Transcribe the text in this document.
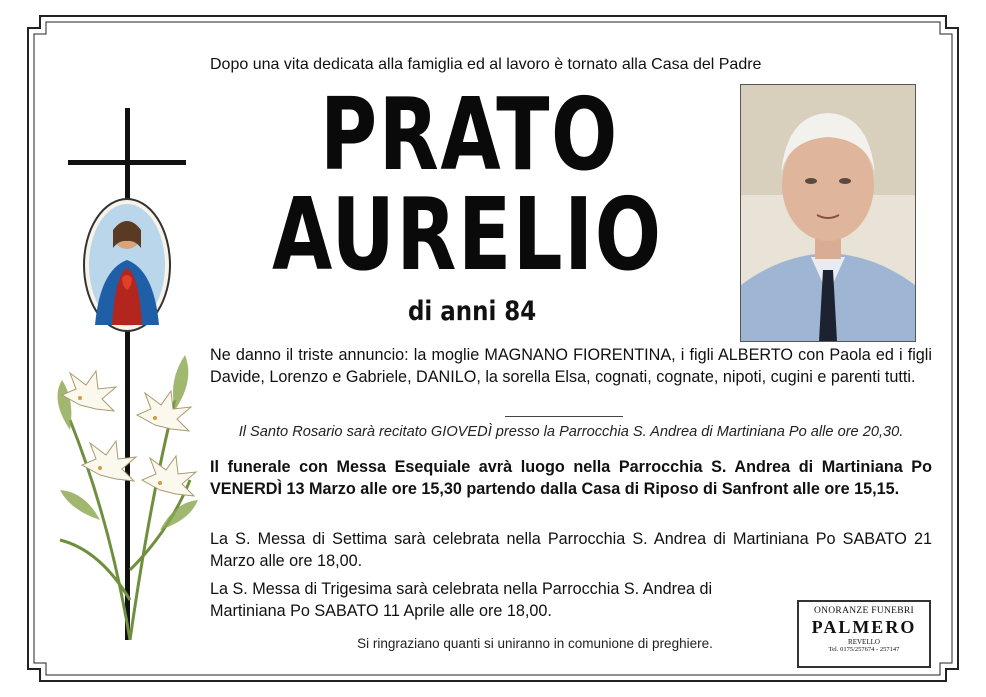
Dopo una vita dedicata alla famiglia ed al lavoro è tornato alla Casa del Padre
PRATO
AURELIO
di anni 84
Ne danno il triste annuncio: la moglie MAGNANO FIORENTINA, i figli ALBERTO con Paola ed i figli Davide, Lorenzo e Gabriele, DANILO, la sorella Elsa, cognati, cognate, nipoti, cugini e parenti tutti.
Il Santo Rosario sarà recitato GIOVEDÌ presso la Parrocchia S. Andrea di Martiniana Po alle ore 20,30.
Il funerale con Messa Esequiale avrà luogo nella Parrocchia S. Andrea di Martiniana Po VENERDÌ 13 Marzo alle ore 15,30 partendo dalla Casa di Riposo di Sanfront alle ore 15,15.
La S. Messa di Settima sarà celebrata nella Parrocchia S. Andrea di Martiniana Po SABATO 21 Marzo alle ore 18,00.
La S. Messa di Trigesima sarà celebrata nella Parrocchia S. Andrea di Martiniana Po SABATO 11 Aprile alle ore 18,00.
Si ringraziano quanti si uniranno in comunione di preghiere.
ONORANZE FUNEBRI
PALMERO
REVELLO
Tel. 0175/257674 - 257147
